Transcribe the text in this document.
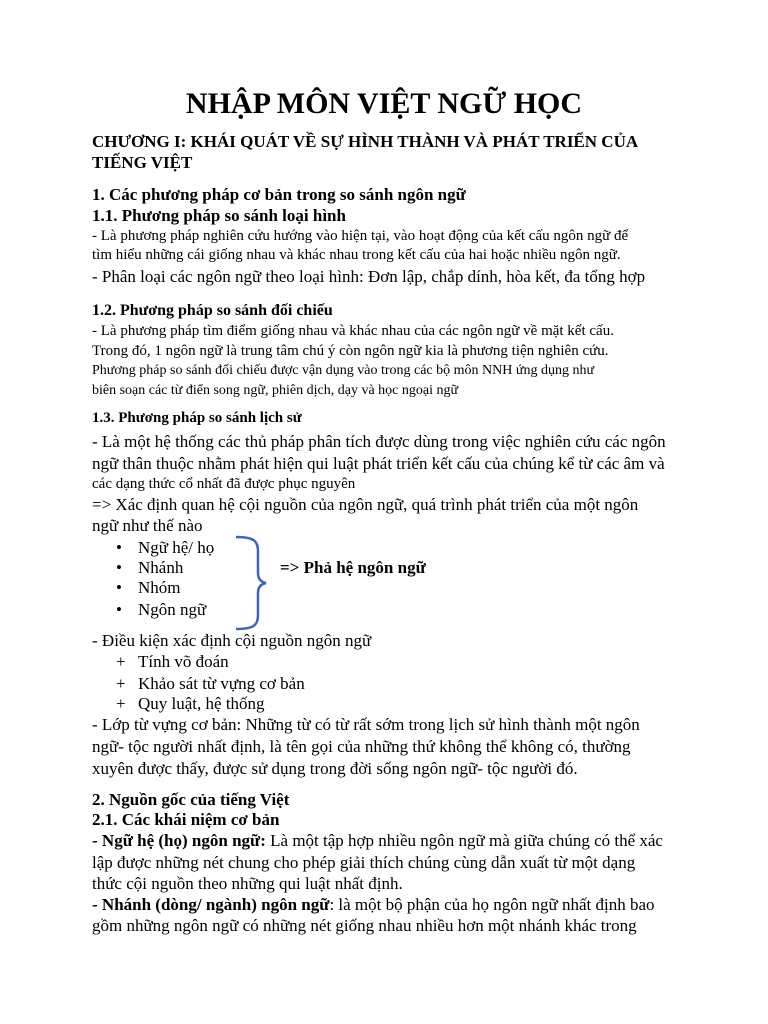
NHẬP MÔN VIỆT NGỮ HỌC
CHƯƠNG I: KHÁI QUÁT VỀ SỰ HÌNH THÀNH VÀ PHÁT TRIỂN CỦA
TIẾNG VIỆT
1. Các phương pháp cơ bản trong so sánh ngôn ngữ
1.1. Phương pháp so sánh loại hình
- Là phương pháp nghiên cứu hướng vào hiện tại, vào hoạt động của kết cấu ngôn ngữ để
tìm hiểu những cái giống nhau và khác nhau trong kết cấu của hai hoặc nhiều ngôn ngữ.
- Phân loại các ngôn ngữ theo loại hình: Đơn lập, chắp dính, hòa kết, đa tổng hợp
1.2. Phương pháp so sánh đối chiếu
- Là phương pháp tìm điểm giống nhau và khác nhau của các ngôn ngữ về mặt kết cấu.
Trong đó, 1 ngôn ngữ là trung tâm chú ý còn ngôn ngữ kia là phương tiện nghiên cứu.
Phương pháp so sánh đối chiếu được vận dụng vào trong các bộ môn NNH ứng dụng như
biên soạn các từ điển song ngữ, phiên dịch, dạy và học ngoại ngữ
1.3. Phương pháp so sánh lịch sử
- Là một hệ thống các thủ pháp phân tích được dùng trong việc nghiên cứu các ngôn
ngữ thân thuộc nhằm phát hiện qui luật phát triển kết cấu của chúng kể từ các âm và
các dạng thức cổ nhất đã được phục nguyên
=> Xác định quan hệ cội nguồn của ngôn ngữ, quá trình phát triển của một ngôn
ngữ như thế nào
• Ngữ hệ/ họ
• Nhánh
• Nhóm
• Ngôn ngữ
=> Phả hệ ngôn ngữ
- Điều kiện xác định cội nguồn ngôn ngữ
+ Tính võ đoán
+ Khảo sát từ vựng cơ bản
+ Quy luật, hệ thống
- Lớp từ vựng cơ bản: Những từ có từ rất sớm trong lịch sử hình thành một ngôn
ngữ- tộc người nhất định, là tên gọi của những thứ không thể không có, thường
xuyên được thấy, được sử dụng trong đời sống ngôn ngữ- tộc người đó.
2. Nguồn gốc của tiếng Việt
2.1. Các khái niệm cơ bản
- Ngữ hệ (họ) ngôn ngữ: Là một tập hợp nhiều ngôn ngữ mà giữa chúng có thể xác
lập được những nét chung cho phép giải thích chúng cùng dẫn xuất từ một dạng
thức cội nguồn theo những qui luật nhất định.
- Nhánh (dòng/ ngành) ngôn ngữ: là một bộ phận của họ ngôn ngữ nhất định bao
gồm những ngôn ngữ có những nét giống nhau nhiều hơn một nhánh khác trong
